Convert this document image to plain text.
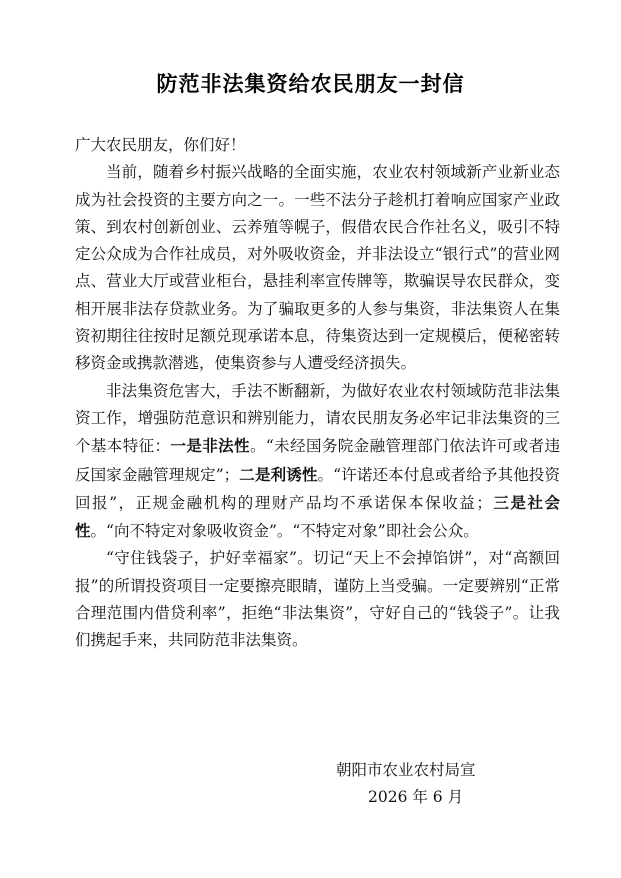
防范非法集资给农民朋友一封信

广大农民朋友，你们好！

当前，随着乡村振兴战略的全面实施，农业农村领域新产业新业态成为社会投资的主要方向之一。一些不法分子趁机打着响应国家产业政策、到农村创新创业、云养殖等幌子，假借农民合作社名义，吸引不特定公众成为合作社成员，对外吸收资金，并非法设立“银行式”的营业网点、营业大厅或营业柜台，悬挂利率宣传牌等，欺骗误导农民群众，变相开展非法存贷款业务。为了骗取更多的人参与集资，非法集资人在集资初期往往按时足额兑现承诺本息，待集资达到一定规模后，便秘密转移资金或携款潜逃，使集资参与人遭受经济损失。

非法集资危害大，手法不断翻新，为做好农业农村领域防范非法集资工作，增强防范意识和辨别能力，请农民朋友务必牢记非法集资的三个基本特征：一是非法性。“未经国务院金融管理部门依法许可或者违反国家金融管理规定”；二是利诱性。“许诺还本付息或者给予其他投资回报”，正规金融机构的理财产品均不承诺保本保收益；三是社会性。“向不特定对象吸收资金”。“不特定对象”即社会公众。

“守住钱袋子，护好幸福家”。切记“天上不会掉馅饼”，对“高额回报”的所谓投资项目一定要擦亮眼睛，谨防上当受骗。一定要辨别“正常合理范围内借贷利率”，拒绝“非法集资”，守好自己的“钱袋子”。让我们携起手来，共同防范非法集资。

朝阳市农业农村局宣
2026 年 6 月
